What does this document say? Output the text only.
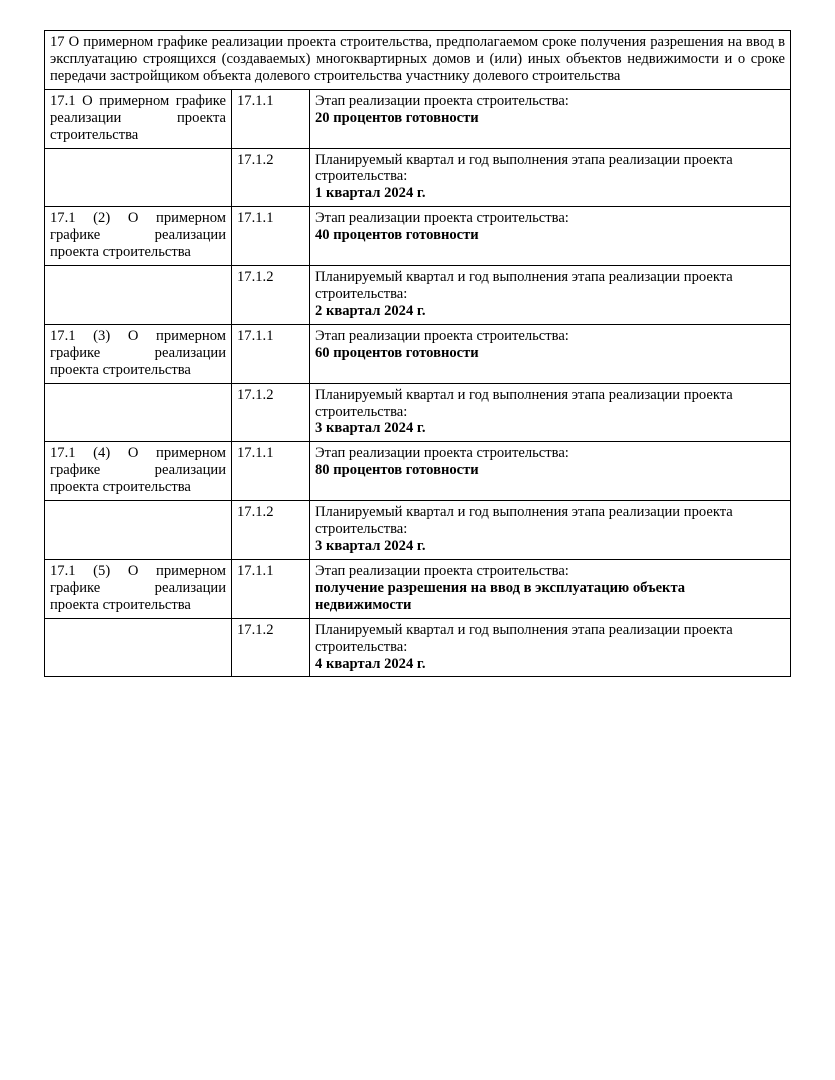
17 О примерном графике реализации проекта строительства, предполагаемом сроке получения разрешения на ввод в эксплуатацию строящихся (создаваемых) многоквартирных домов и (или) иных объектов недвижимости и о сроке передачи застройщиком объекта долевого строительства участнику долевого строительства		
17.1 О примерном графике реализации проекта строительства	17.1.1	Этап реализации проекта строительства:
20 процентов готовности

	17.1.2	Планируемый квартал и год выполнения этапа реализации проекта строительства:
1 квартал 2024 г.

17.1 (2) О примерном графике реализации проекта строительства	17.1.1	Этап реализации проекта строительства:
40 процентов готовности

	17.1.2	Планируемый квартал и год выполнения этапа реализации проекта строительства:
2 квартал 2024 г.

17.1 (3) О примерном графике реализации проекта строительства	17.1.1	Этап реализации проекта строительства:
60 процентов готовности

	17.1.2	Планируемый квартал и год выполнения этапа реализации проекта строительства:
3 квартал 2024 г.

17.1 (4) О примерном графике реализации проекта строительства	17.1.1	Этап реализации проекта строительства:
80 процентов готовности

	17.1.2	Планируемый квартал и год выполнения этапа реализации проекта строительства:
3 квартал 2024 г.

17.1 (5) О примерном графике реализации проекта строительства	17.1.1	Этап реализации проекта строительства:
получение разрешения на ввод в эксплуатацию объекта недвижимости

	17.1.2	Планируемый квартал и год выполнения этапа реализации проекта строительства:
4 квартал 2024 г.
